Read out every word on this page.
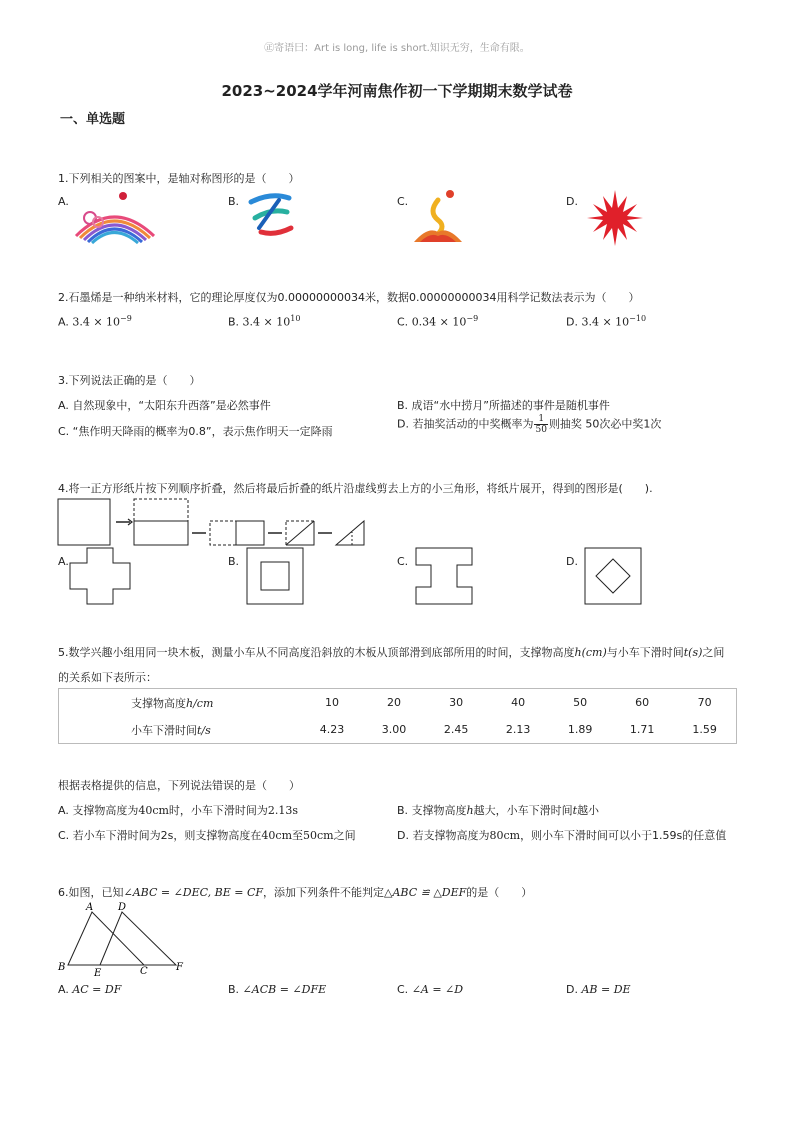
㊣寄语曰：Art is long, life is short.知识无穷，生命有限。
2023~2024学年河南焦作初一下学期期末数学试卷
一、单选题
1.下列相关的图案中，是轴对称图形的是（　　）
A.	B.	C.	D.
2.石墨烯是一种纳米材料，它的理论厚度仅为0.00000000034米，数据0.00000000034用科学记数法表示为（　　）
A. $3.4 \times 10^{-9}$	B. $3.4 \times 10^{10}$	C. $0.34 \times 10^{-9}$	D. $3.4 \times 10^{-10}$
3.下列说法正确的是（　　）
A. 自然现象中，“太阳东升西落”是必然事件	B. 成语“水中捞月”所描述的事件是随机事件
C. “焦作明天降雨的概率为0.8”，表示焦作明天一定降雨
D. 若抽奖活动的中奖概率为 $\frac{1}{50}$ 则抽奖 50次必中奖1次
4.将一正方形纸片按下列顺序折叠，然后将最后折叠的纸片沿虚线剪去上方的小三角形，将纸片展开，得到的图形是(　　).
A.	B.	C.	D.
5.数学兴趣小组用同一块木板，测量小车从不同高度沿斜放的木板从顶部滑到底部所用的时间，支撑物高度h(cm)与小车下滑时间t(s)之间
的关系如下表所示：
支撑物高度h/cm	10	20	30	40	50	60	70
小车下滑时间t/s	4.23	3.00	2.45	2.13	1.89	1.71	1.59
根据表格提供的信息，下列说法错误的是（　　）
A. 支撑物高度为40cm时，小车下滑时间为2.13s	B. 支撑物高度h越大，小车下滑时间t越小
C. 若小车下滑时间为2s，则支撑物高度在40cm至50cm之间	D. 若支撑物高度为80cm，则小车下滑时间可以小于1.59s的任意值
6.如图，已知∠ABC = ∠DEC, BE = CF，添加下列条件不能判定△ABC ≌ △DEF的是（　　）
A D
B
E	C	F
A. AC = DF	B. ∠ACB = ∠DFE	C. ∠A = ∠D	D. AB = DE
